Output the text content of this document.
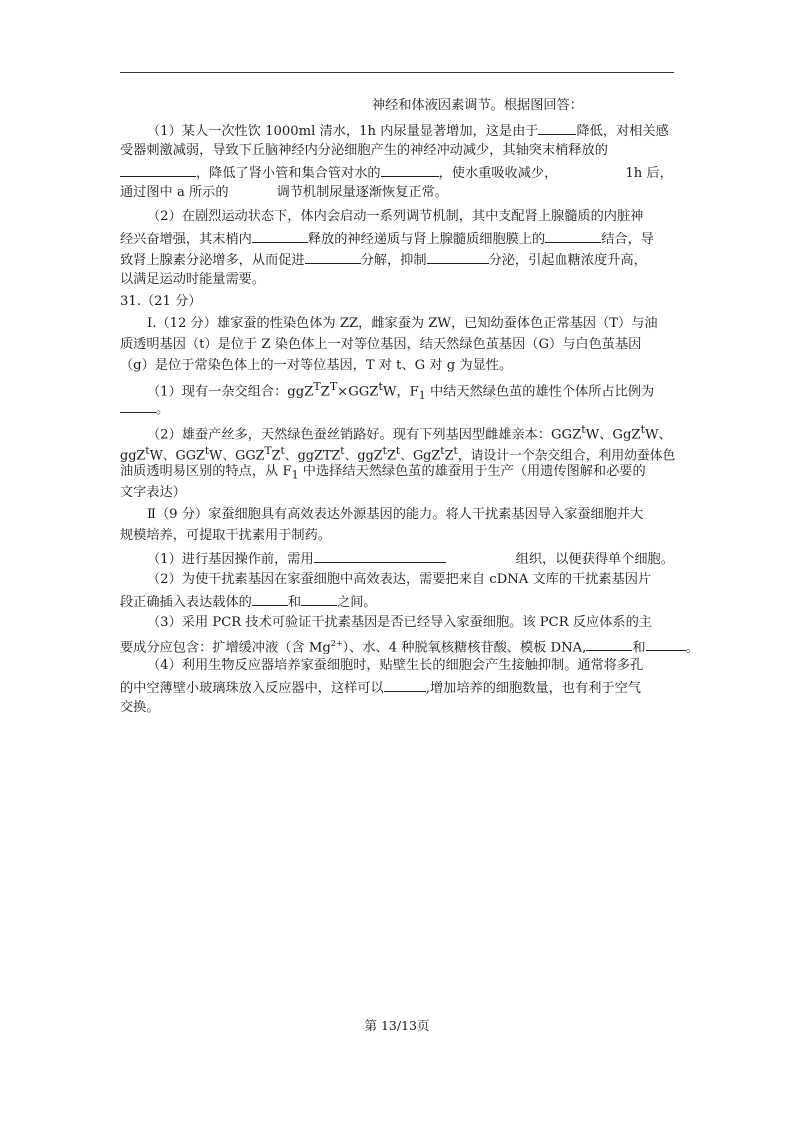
神经和体液因素调节。根据图回答：
（1）某人一次性饮 1000ml 清水，1h 内尿量显著增加，这是由于	降低，对相关感
受器刺激减弱，导致下丘脑神经内分泌细胞产生的神经冲动减少，其轴突末梢释放的
，降低了肾小管和集合管对水的	，使水重吸收减少，	1h 后，
通过图中 a 所示的	调节机制尿量逐渐恢复正常。
（2）在剧烈运动状态下，体内会启动一系列调节机制，其中支配肾上腺髓质的内脏神
经兴奋增强，其末梢内	释放的神经递质与肾上腺髓质细胞膜上的	结合，导
致肾上腺素分泌增多，从而促进	分解，抑制	分泌，引起血糖浓度升高，
以满足运动时能量需要。
31.（21 分）
Ⅰ.（12 分）雄家蚕的性染色体为 ZZ，雌家蚕为 ZW，已知幼蚕体色正常基因（T）与油
质透明基因（t）是位于 Z 染色体上一对等位基因，结天然绿色茧基因（G）与白色茧基因
（g）是位于常染色体上的一对等位基因，T 对 t、G 对 g 为显性。
（1）现有一杂交组合：$ggZ^TZ^T\times GGZ^tW$，$F_1$ 中结天然绿色茧的雄性个体所占比例为
。
（2）雄蚕产丝多，天然绿色蚕丝销路好。现有下列基因型雌雄亲本：GGZ$^t$W、GgZ$^t$W、
ggZ$^t$W、GGZ$^t$W、$GGZ^TZ^t$、ggZTZ$^t$、$ggZ^tZ^t$、$GgZ^tZ^t$，请设计一个杂交组合，利用幼蚕体色
油质透明易区别的特点，从 $F_1$ 中选择结天然绿色茧的雄蚕用于生产（用遗传图解和必要的
文字表达）
Ⅱ（9 分）家蚕细胞具有高效表达外源基因的能力。将人干扰素基因导入家蚕细胞并大
规模培养，可提取干扰素用于制药。
（1）进行基因操作前，需用	组织，以便获得单个细胞。
（2）为使干扰素基因在家蚕细胞中高效表达，需要把来自 cDNA 文库的干扰素基因片
段正确插入表达载体的	和	之间。
（3）采用 PCR 技术可验证干扰素基因是否已经导入家蚕细胞。该 PCR 反应体系的主
要成分应包含：扩增缓冲液（含 $Mg^{2+}$）、水、4 种脱氧核糖核苷酸、模板 DNA,	和	。
（4）利用生物反应器培养家蚕细胞时，贴壁生长的细胞会产生接触抑制。通常将多孔
的中空薄壁小玻璃珠放入反应器中，这样可以	,增加培养的细胞数量，也有利于空气
交换。
第 13/13页
